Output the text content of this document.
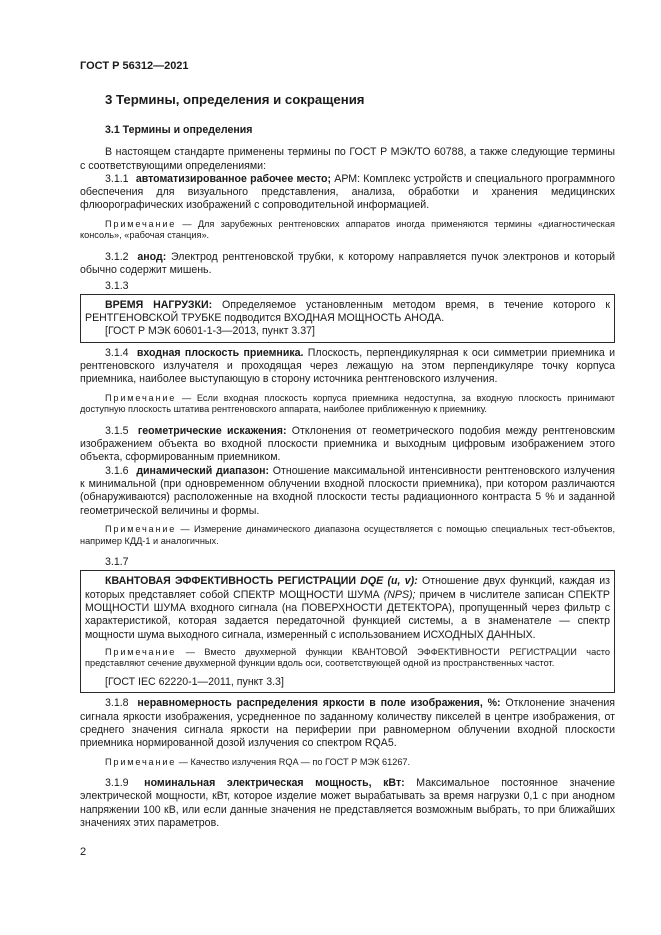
ГОСТ Р 56312—2021

3 Термины, определения и сокращения

3.1 Термины и определения

В настоящем стандарте применены термины по ГОСТ Р МЭК/ТО 60788, а также следующие термины с соответствующими определениями:

3.1.1 автоматизированное рабочее место; АРМ: Комплекс устройств и специального программного обеспечения для визуального представления, анализа, обработки и хранения медицинских флюорографических изображений с сопроводительной информацией.

Примечание — Для зарубежных рентгеновских аппаратов иногда применяются термины «диагностическая консоль», «рабочая станция».

3.1.2 анод: Электрод рентгеновской трубки, к которому направляется пучок электронов и который обычно содержит мишень.

3.1.3

ВРЕМЯ НАГРУЗКИ: Определяемое установленным методом время, в течение которого к РЕНТГЕНОВСКОЙ ТРУБКЕ подводится ВХОДНАЯ МОЩНОСТЬ АНОДА.

[ГОСТ Р МЭК 60601-1-3—2013, пункт 3.37]

3.1.4 входная плоскость приемника. Плоскость, перпендикулярная к оси симметрии приемника и рентгеновского излучателя и проходящая через лежащую на этом перпендикуляре точку корпуса приемника, наиболее выступающую в сторону источника рентгеновского излучения.

Примечание — Если входная плоскость корпуса приемника недоступна, за входную плоскость принимают доступную плоскость штатива рентгеновского аппарата, наиболее приближенную к приемнику.

3.1.5 геометрические искажения: Отклонения от геометрического подобия между рентгеновским изображением объекта во входной плоскости приемника и выходным цифровым изображением этого объекта, сформированным приемником.

3.1.6 динамический диапазон: Отношение максимальной интенсивности рентгеновского излучения к минимальной (при одновременном облучении входной плоскости приемника), при котором различаются (обнаруживаются) расположенные на входной плоскости тесты радиационного контраста 5 % и заданной геометрической величины и формы.

Примечание — Измерение динамического диапазона осуществляется с помощью специальных тест-объектов, например КДД-1 и аналогичных.

3.1.7

КВАНТОВАЯ ЭФФЕКТИВНОСТЬ РЕГИСТРАЦИИ DQE (u, v): Отношение двух функций, каждая из которых представляет собой СПЕКТР МОЩНОСТИ ШУМА (NPS); причем в числителе записан СПЕКТР МОЩНОСТИ ШУМА входного сигнала (на ПОВЕРХНОСТИ ДЕТЕКТОРА), пропущенный через фильтр с характеристикой, которая задается передаточной функцией системы, а в знаменателе — спектр мощности шума выходного сигнала, измеренный с использованием ИСХОДНЫХ ДАННЫХ.

Примечание — Вместо двухмерной функции КВАНТОВОЙ ЭФФЕКТИВНОСТИ РЕГИСТРАЦИИ часто представляют сечение двухмерной функции вдоль оси, соответствующей одной из пространственных частот.

[ГОСТ IEC 62220-1—2011, пункт 3.3]

3.1.8 неравномерность распределения яркости в поле изображения, %: Отклонение значения сигнала яркости изображения, усредненное по заданному количеству пикселей в центре изображения, от среднего значения сигнала яркости на периферии при равномерном облучении входной плоскости приемника нормированной дозой излучения со спектром RQA5.

Примечание — Качество излучения RQA — по ГОСТ Р МЭК 61267.

3.1.9 номинальная электрическая мощность, кВт: Максимальное постоянное значение электрической мощности, кВт, которое изделие может вырабатывать за время нагрузки 0,1 с при анодном напряжении 100 кВ, или если данные значения не представляется возможным выбрать, то при ближайших значениях этих параметров.

2
